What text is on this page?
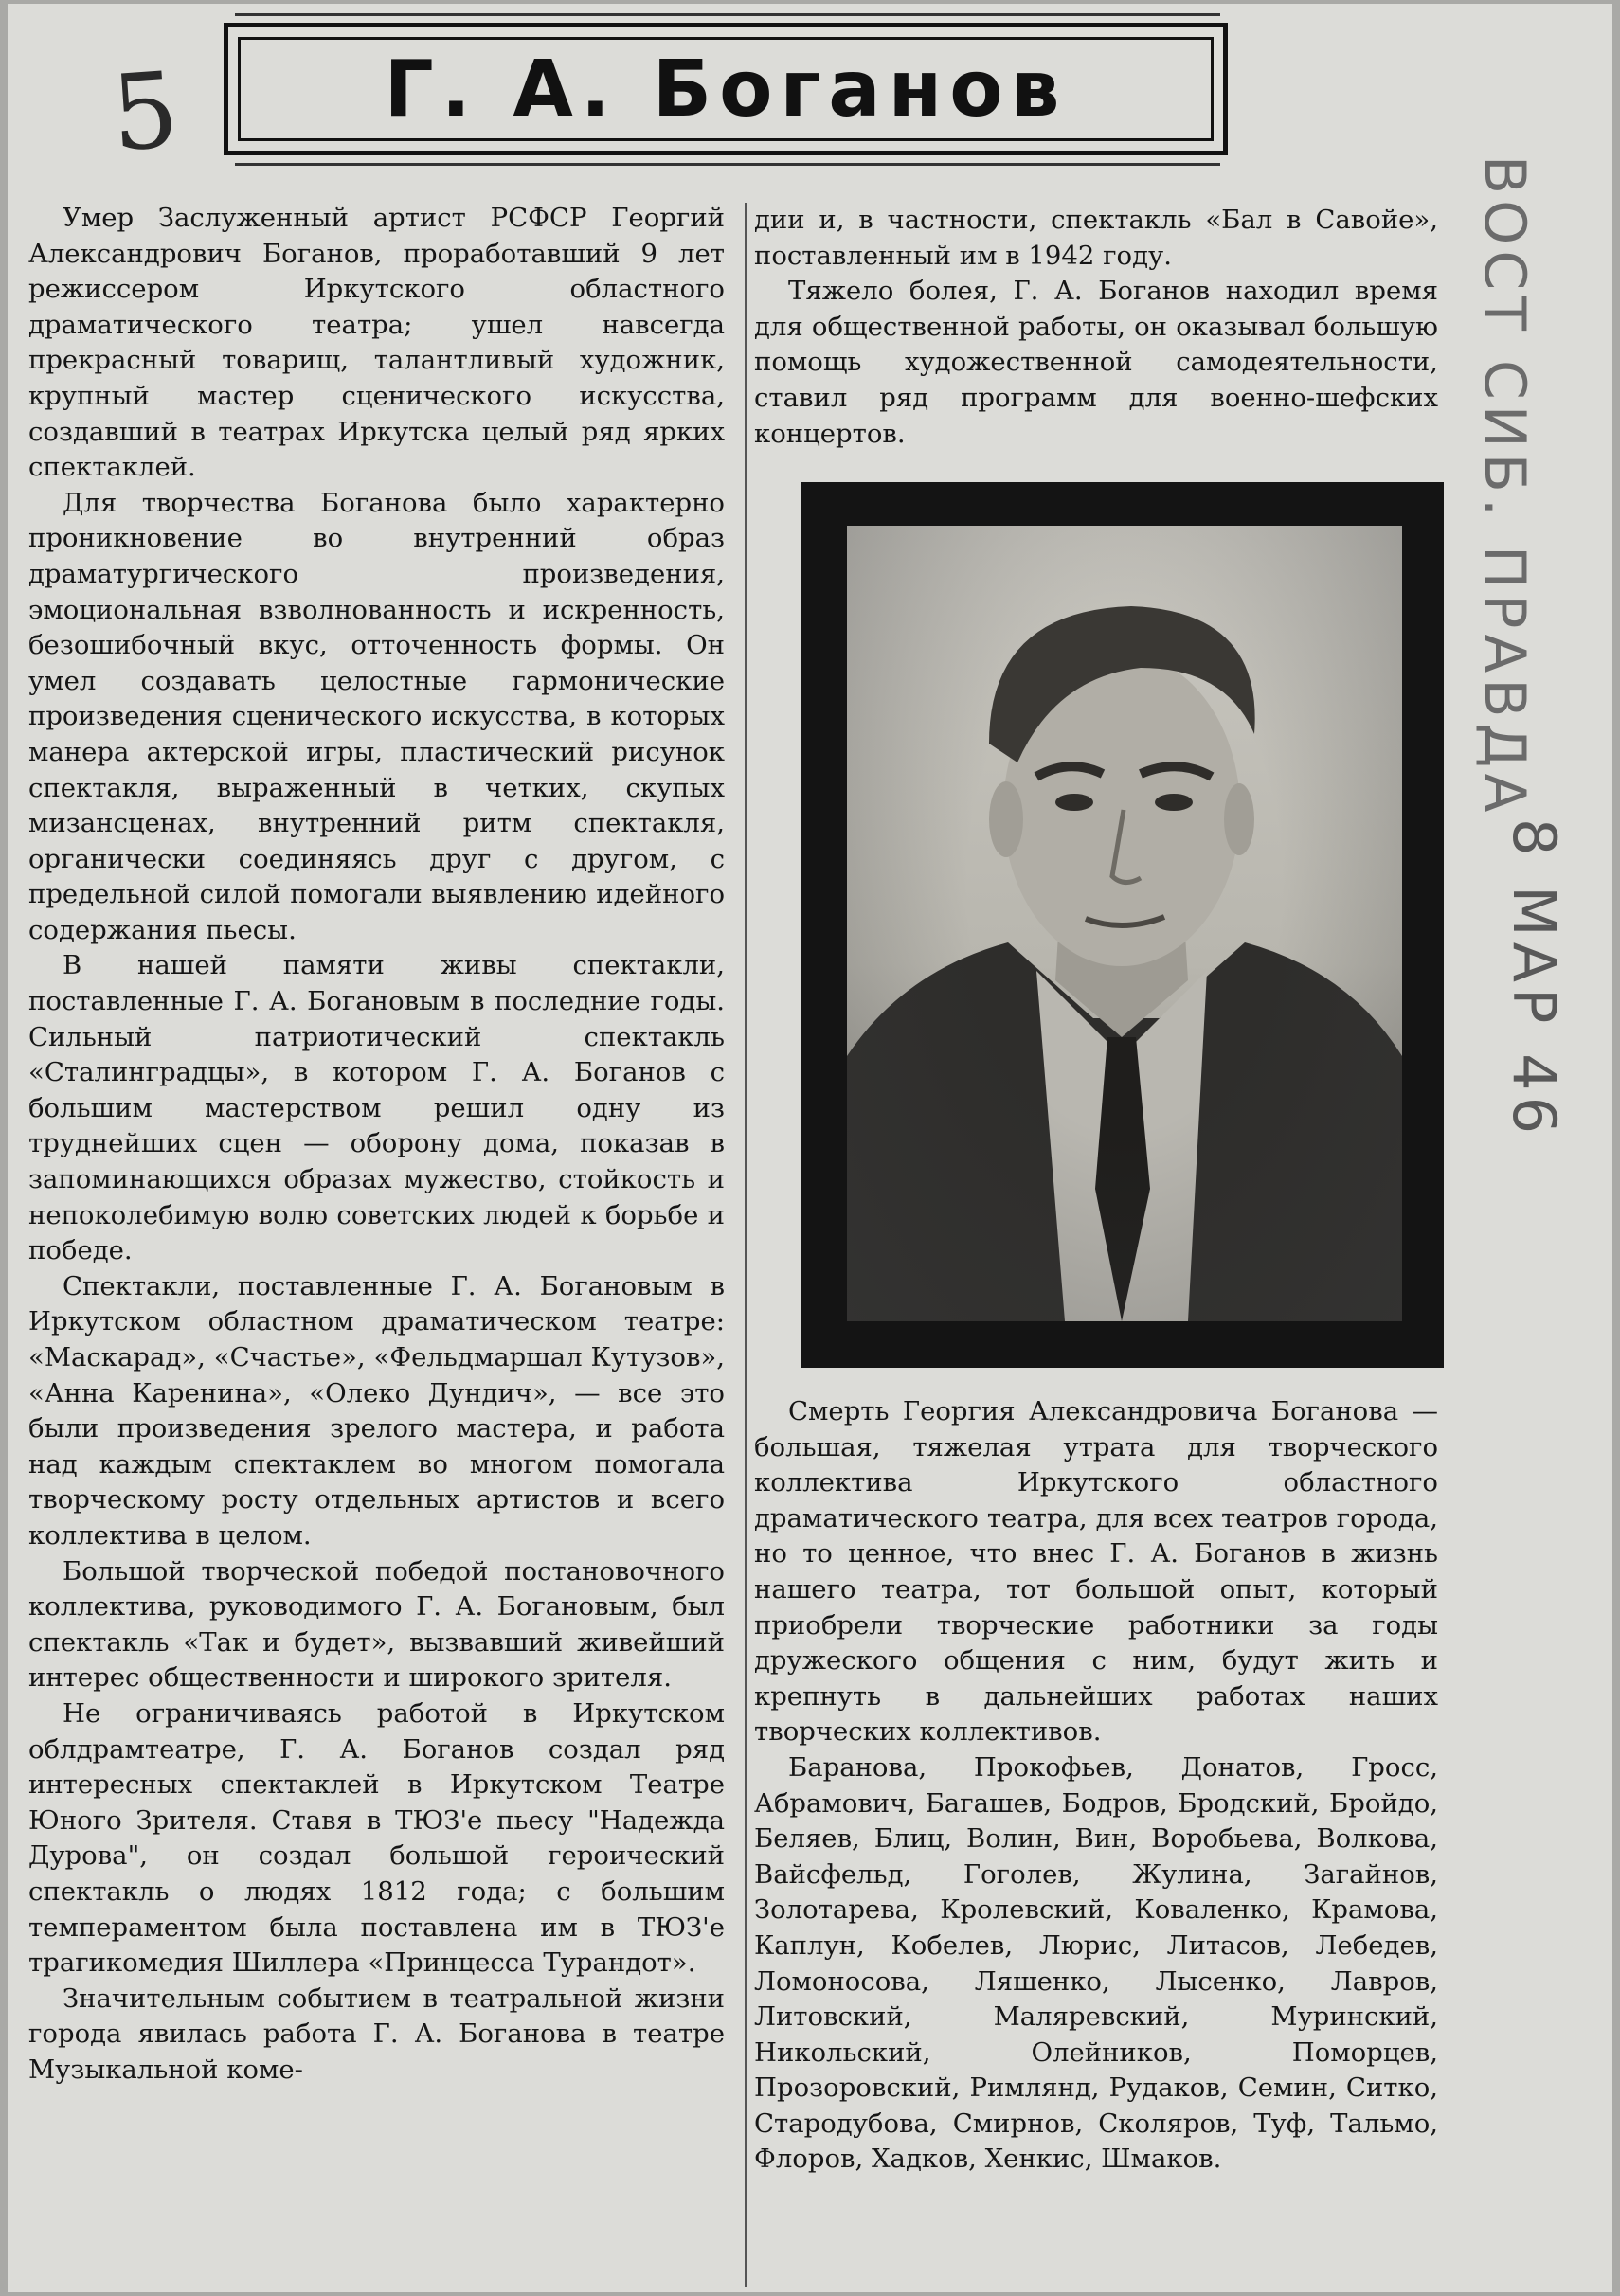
5	Г. А. Боганов

Умер Заслуженный артист РСФСР Георгий Александрович Боганов, проработавший 9 лет режиссером Иркутского областного драматического театра; ушел навсегда прекрасный товарищ, талантливый художник, крупный мастер сценического искусства, создавший в театрах Иркутска целый ряд ярких спектаклей.

Для творчества Боганова было характерно проникновение во внутренний образ драматургического произведения, эмоциональная взволнованность и искренность, безошибочный вкус, отточенность формы. Он умел создавать целостные гармонические произведения сценического искусства, в которых манера актерской игры, пластический рисунок спектакля, выраженный в четких, скупых мизансценах, внутренний ритм спектакля, органически соединяясь друг с другом, с предельной силой помогали выявлению идейного содержания пьесы.

В нашей памяти живы спектакли, поставленные Г. А. Богановым в последние годы. Сильный патриотический спектакль «Сталинградцы», в котором Г. А. Боганов с большим мастерством решил одну из труднейших сцен — оборону дома, показав в запоминающихся образах мужество, стойкость и непоколебимую волю советских людей к борьбе и победе.

Спектакли, поставленные Г. А. Богановым в Иркутском областном драматическом театре: «Маскарад», «Счастье», «Фельдмаршал Кутузов», «Анна Каренина», «Олеко Дундич», — все это были произведения зрелого мастера, и работа над каждым спектаклем во многом помогала творческому росту отдельных артистов и всего коллектива в целом.

Большой творческой победой постановочного коллектива, руководимого Г. А. Богановым, был спектакль «Так и будет», вызвавший живейший интерес общественности и широкого зрителя.

Не ограничиваясь работой в Иркутском облдрамтеатре, Г. А. Боганов создал ряд интересных спектаклей в Иркутском Театре Юного Зрителя. Ставя в ТЮЗ'е пьесу "Надежда Дурова", он создал большой героический спектакль о людях 1812 года; с большим темпераментом была поставлена им в ТЮЗ'е трагикомедия Шиллера «Принцесса Турандот».

Значительным событием в театральной жизни города явилась работа Г. А. Боганова в театре Музыкальной коме-

дии и, в частности, спектакль «Бал в Савойе», поставленный им в 1942 году.

Тяжело болея, Г. А. Боганов находил время для общественной работы, он оказывал большую помощь художественной самодеятельности, ставил ряд программ для военно-шефских концертов.

Смерть Георгия Александровича Боганова — большая, тяжелая утрата для творческого коллектива Иркутского областного драматического театра, для всех театров города, но то ценное, что внес Г. А. Боганов в жизнь нашего театра, тот большой опыт, который приобрели творческие работники за годы дружеского общения с ним, будут жить и крепнуть в дальнейших работах наших творческих коллективов.

Баранова, Прокофьев, Донатов, Гросс, Абрамович, Багашев, Бодров, Бродский, Бройдо, Беляев, Блиц, Волин, Вин, Воробьева, Волкова, Вайсфельд, Гоголев, Жулина, Загайнов, Золотарева, Кролевский, Коваленко, Крамова, Каплун, Кобелев, Люрис, Литасов, Лебедев, Ломоносова, Ляшенко, Лысенко, Лавров, Литовский, Маляревский, Муринский, Никольский, Олейников, Поморцев, Прозоровский, Римлянд, Рудаков, Семин, Ситко, Стародубова, Смирнов, Сколяров, Туф, Тальмо, Флоров, Хадков, Хенкис, Шмаков.

ВОСТ СИБ. ПРАВДА
8 МАР 46
